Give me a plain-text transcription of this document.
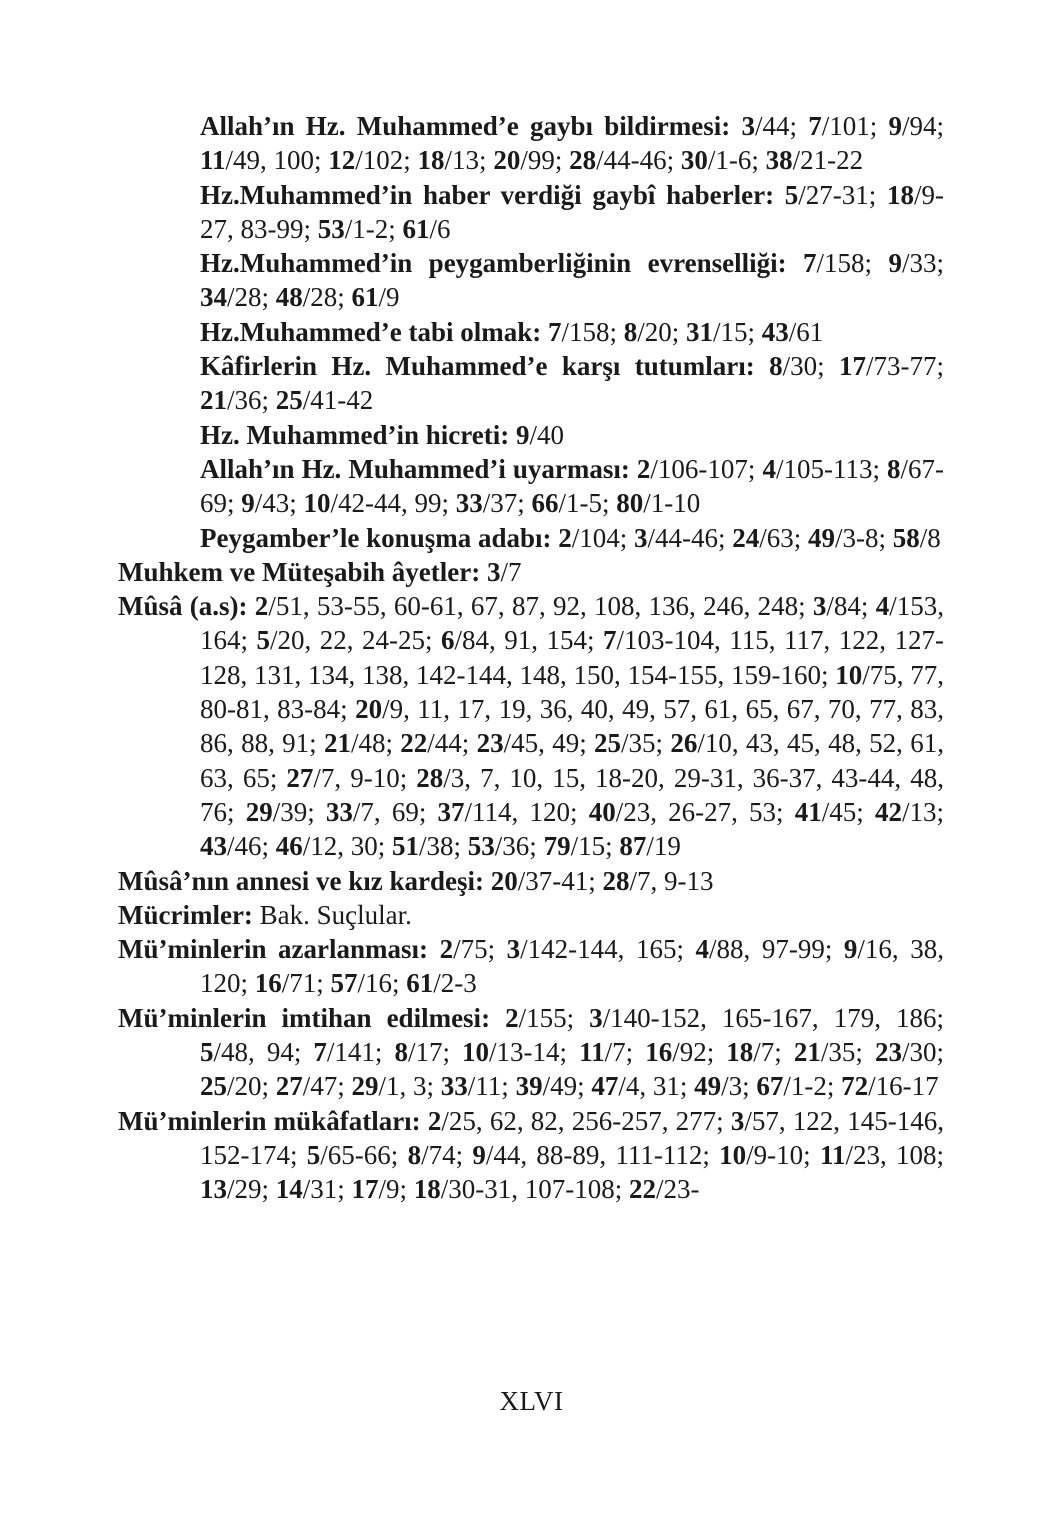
Allah’ın Hz. Muhammed’e gaybı bildirmesi: 3/44; 7/101; 9/94; 11/49, 100; 12/102; 18/13; 20/99; 28/44-46; 30/1-6; 38/21-22

Hz.Muhammed’in haber verdiği gaybî haberler: 5/27-31; 18/9-27, 83-99; 53/1-2; 61/6

Hz.Muhammed’in peygamberliğinin evrenselliği: 7/158; 9/33; 34/28; 48/28; 61/9

Hz.Muhammed’e tabi olmak: 7/158; 8/20; 31/15; 43/61

Kâfirlerin Hz. Muhammed’e karşı tutumları: 8/30; 17/73-77; 21/36; 25/41-42

Hz. Muhammed’in hicreti: 9/40

Allah’ın Hz. Muhammed’i uyarması: 2/106-107; 4/105-113; 8/67-69; 9/43; 10/42-44, 99; 33/37; 66/1-5; 80/1-10

Peygamber’le konuşma adabı: 2/104; 3/44-46; 24/63; 49/3-8; 58/8

Muhkem ve Müteşabih âyetler: 3/7

Mûsâ (a.s): 2/51, 53-55, 60-61, 67, 87, 92, 108, 136, 246, 248; 3/84; 4/153, 164; 5/20, 22, 24-25; 6/84, 91, 154; 7/103-104, 115, 117, 122, 127-128, 131, 134, 138, 142-144, 148, 150, 154-155, 159-160; 10/75, 77, 80-81, 83-84; 20/9, 11, 17, 19, 36, 40, 49, 57, 61, 65, 67, 70, 77, 83, 86, 88, 91; 21/48; 22/44; 23/45, 49; 25/35; 26/10, 43, 45, 48, 52, 61, 63, 65; 27/7, 9-10; 28/3, 7, 10, 15, 18-20, 29-31, 36-37, 43-44, 48, 76; 29/39; 33/7, 69; 37/114, 120; 40/23, 26-27, 53; 41/45; 42/13; 43/46; 46/12, 30; 51/38; 53/36; 79/15; 87/19

Mûsâ’nın annesi ve kız kardeşi: 20/37-41; 28/7, 9-13

Mücrimler: Bak. Suçlular.

Mü’minlerin azarlanması: 2/75; 3/142-144, 165; 4/88, 97-99; 9/16, 38, 120; 16/71; 57/16; 61/2-3

Mü’minlerin imtihan edilmesi: 2/155; 3/140-152, 165-167, 179, 186; 5/48, 94; 7/141; 8/17; 10/13-14; 11/7; 16/92; 18/7; 21/35; 23/30; 25/20; 27/47; 29/1, 3; 33/11; 39/49; 47/4, 31; 49/3; 67/1-2; 72/16-17

Mü’minlerin mükâfatları: 2/25, 62, 82, 256-257, 277; 3/57, 122, 145-146, 152-174; 5/65-66; 8/74; 9/44, 88-89, 111-112; 10/9-10; 11/23, 108; 13/29; 14/31; 17/9; 18/30-31, 107-108; 22/23-

XLVI
